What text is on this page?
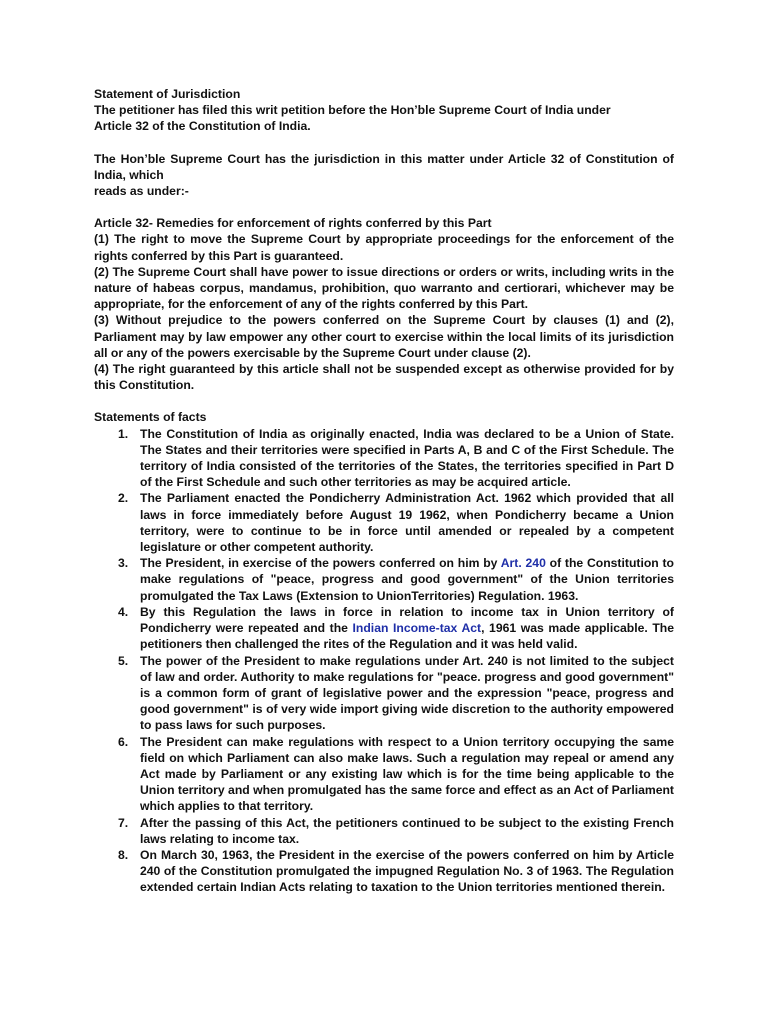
Statement of Jurisdiction

The petitioner has filed this writ petition before the Hon’ble Supreme Court of India under

Article 32 of the Constitution of India.

The Hon’ble Supreme Court has the jurisdiction in this matter under Article 32 of Constitution of India, which

reads as under:-

Article 32- Remedies for enforcement of rights conferred by this Part

(1) The right to move the Supreme Court by appropriate proceedings for the enforcement of the rights conferred by this Part is guaranteed.

(2) The Supreme Court shall have power to issue directions or orders or writs, including writs in the nature of habeas corpus, mandamus, prohibition, quo warranto and certiorari, whichever may be appropriate, for the enforcement of any of the rights conferred by this Part.

(3) Without prejudice to the powers conferred on the Supreme Court by clauses (1) and (2), Parliament may by law empower any other court to exercise within the local limits of its jurisdiction all or any of the powers exercisable by the Supreme Court under clause (2).

(4) The right guaranteed by this article shall not be suspended except as otherwise provided for by this Constitution.

Statements of facts

1. The Constitution of India as originally enacted, India was declared to be a Union of State. The States and their territories were specified in Parts A, B and C of the First Schedule. The territory of India consisted of the territories of the States, the territories specified in Part D of the First Schedule and such other territories as may be acquired article.
2. The Parliament enacted the Pondicherry Administration Act. 1962 which provided that all laws in force immediately before August 19 1962, when Pondicherry became a Union territory, were to continue to be in force until amended or repealed by a competent legislature or other competent authority.
3. The President, in exercise of the powers conferred on him by Art. 240 of the Constitution to make regulations of "peace, progress and good government" of the Union territories promulgated the Tax Laws (Extension to UnionTerritories) Regulation. 1963.
4. By this Regulation the laws in force in relation to income tax in Union territory of Pondicherry were repeated and the Indian Income-tax Act, 1961 was made applicable. The petitioners then challenged the rites of the Regulation and it was held valid.
5. The power of the President to make regulations under Art. 240 is not limited to the subject of law and order. Authority to make regulations for "peace. progress and good government" is a common form of grant of legislative power and the expression "peace, progress and good government" is of very wide import giving wide discretion to the authority empowered to pass laws for such purposes.
6. The President can make regulations with respect to a Union territory occupying the same field on which Parliament can also make laws. Such a regulation may repeal or amend any Act made by Parliament or any existing law which is for the time being applicable to the Union territory and when promulgated has the same force and effect as an Act of Parliament which applies to that territory.
7. After the passing of this Act, the petitioners continued to be subject to the existing French laws relating to income tax.
8. On March 30, 1963, the President in the exercise of the powers conferred on him by Article 240 of the Constitution promulgated the impugned Regulation No. 3 of 1963. The Regulation extended certain Indian Acts relating to taxation to the Union territories mentioned therein.
